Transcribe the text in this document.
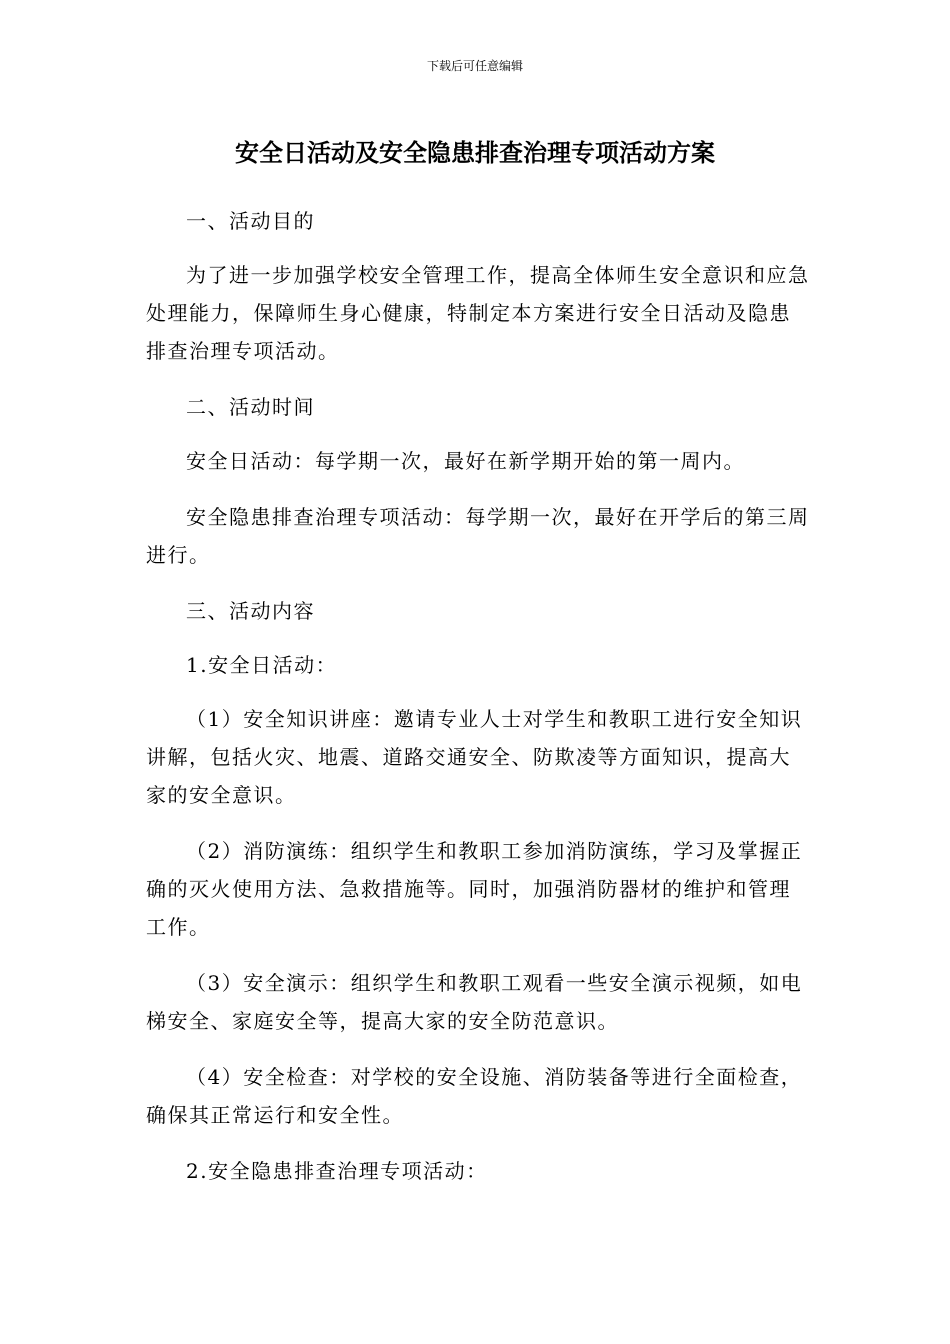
下载后可任意编辑
安全日活动及安全隐患排查治理专项活动方案

一、活动目的

为了进一步加强学校安全管理工作，提高全体师生安全意识和应急处理能力，保障师生身心健康，特制定本方案进行安全日活动及隐患排查治理专项活动。

二、活动时间

安全日活动：每学期一次，最好在新学期开始的第一周内。

安全隐患排查治理专项活动：每学期一次，最好在开学后的第三周进行。

三、活动内容

1.安全日活动：

（1）安全知识讲座：邀请专业人士对学生和教职工进行安全知识讲解，包括火灾、地震、道路交通安全、防欺凌等方面知识，提高大家的安全意识。

（2）消防演练：组织学生和教职工参加消防演练，学习及掌握正确的灭火使用方法、急救措施等。同时，加强消防器材的维护和管理工作。

（3）安全演示：组织学生和教职工观看一些安全演示视频，如电梯安全、家庭安全等，提高大家的安全防范意识。

（4）安全检查：对学校的安全设施、消防装备等进行全面检查，确保其正常运行和安全性。

2.安全隐患排查治理专项活动：
